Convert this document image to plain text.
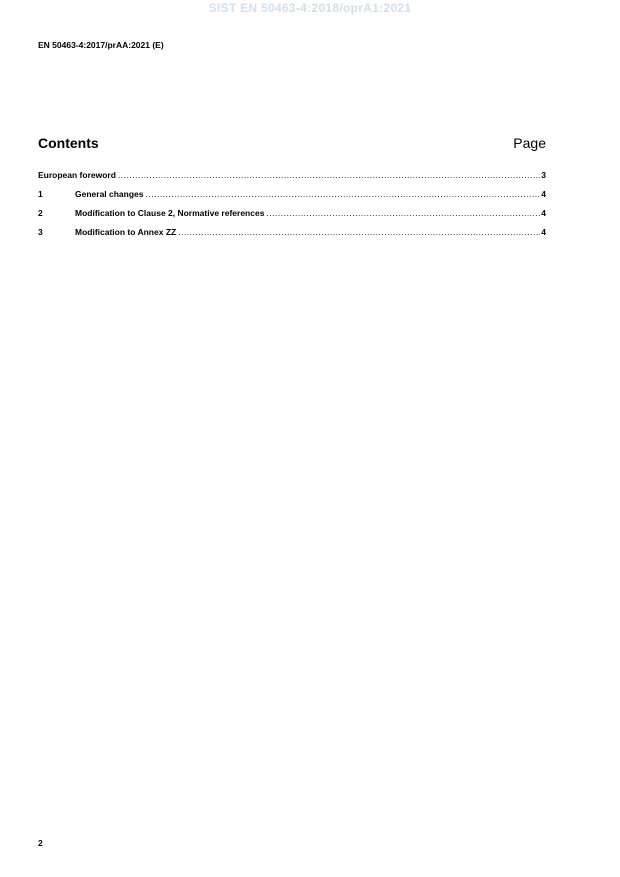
SIST EN 50463-4:2018/oprA1:2021
EN 50463-4:2017/prAA:2021 (E)
Contents	Page
European foreword .....	3
1	General changes .....	4
2	Modification to Clause 2, Normative references .....	4
3	Modification to Annex ZZ .....	4
2
